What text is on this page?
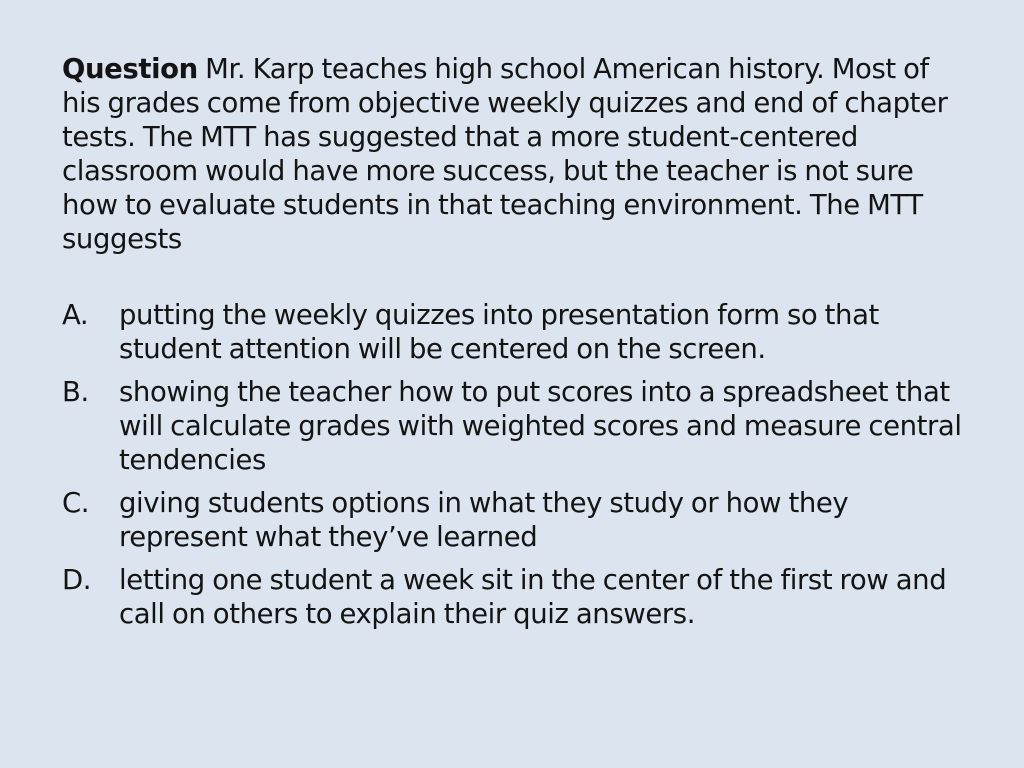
Question Mr. Karp teaches high school American history. Most of his grades come from objective weekly quizzes and end of chapter tests. The MTT has suggested that a more student-centered classroom would have more success, but the teacher is not sure how to evaluate students in that teaching environment. The MTT suggests

A.	putting the weekly quizzes into presentation form so that student attention will be centered on the screen.
B.	showing the teacher how to put scores into a spreadsheet that will calculate grades with weighted scores and measure central tendencies
C.	giving students options in what they study or how they represent what they’ve learned
D.	letting one student a week sit in the center of the first row and call on others to explain their quiz answers.
